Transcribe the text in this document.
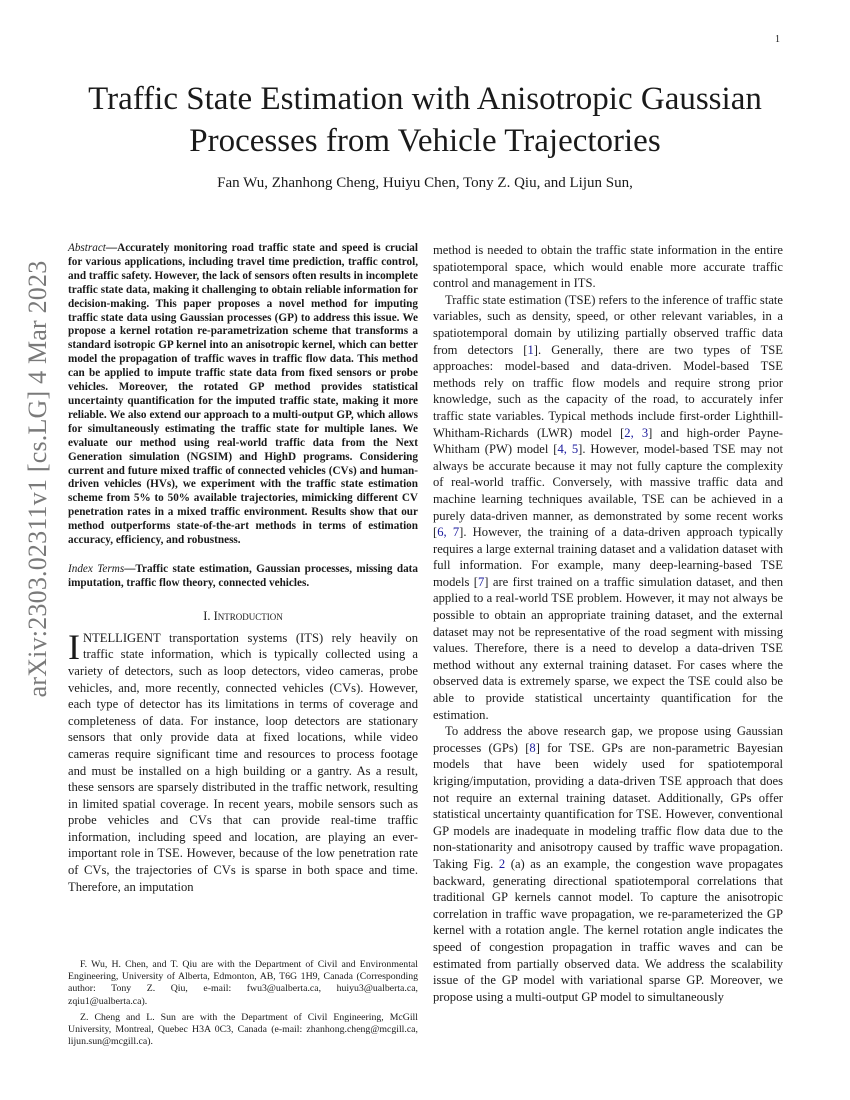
1
arXiv:2303.02311v1 [cs.LG] 4 Mar 2023
Traffic State Estimation with Anisotropic Gaussian Processes from Vehicle Trajectories
Fan Wu, Zhanhong Cheng, Huiyu Chen, Tony Z. Qiu, and Lijun Sun,

Abstract—Accurately monitoring road traffic state and speed is crucial for various applications, including travel time prediction, traffic control, and traffic safety. However, the lack of sensors often results in incomplete traffic state data, making it challenging to obtain reliable information for decision-making. This paper proposes a novel method for imputing traffic state data using Gaussian processes (GP) to address this issue. We propose a kernel rotation re-parametrization scheme that transforms a standard isotropic GP kernel into an anisotropic kernel, which can better model the propagation of traffic waves in traffic flow data. This method can be applied to impute traffic state data from fixed sensors or probe vehicles. Moreover, the rotated GP method provides statistical uncertainty quantification for the imputed traffic state, making it more reliable. We also extend our approach to a multi-output GP, which allows for simultaneously estimating the traffic state for multiple lanes. We evaluate our method using real-world traffic data from the Next Generation simulation (NGSIM) and HighD programs. Considering current and future mixed traffic of connected vehicles (CVs) and human-driven vehicles (HVs), we experiment with the traffic state estimation scheme from 5% to 50% available trajectories, mimicking different CV penetration rates in a mixed traffic environment. Results show that our method outperforms state-of-the-art methods in terms of estimation accuracy, efficiency, and robustness.

Index Terms—Traffic state estimation, Gaussian processes, missing data imputation, traffic flow theory, connected vehicles.

I. Introduction

INTELLIGENT transportation systems (ITS) rely heavily on traffic state information, which is typically collected using a variety of detectors, such as loop detectors, video cameras, probe vehicles, and, more recently, connected vehicles (CVs). However, each type of detector has its limitations in terms of coverage and completeness of data. For instance, loop detectors are stationary sensors that only provide data at fixed locations, while video cameras require significant time and resources to process footage and must be installed on a high building or a gantry. As a result, these sensors are sparsely distributed in the traffic network, resulting in limited spatial coverage. In recent years, mobile sensors such as probe vehicles and CVs that can provide real-time traffic information, including speed and location, are playing an ever-important role in TSE. However, because of the low penetration rate of CVs, the trajectories of CVs is sparse in both space and time. Therefore, an imputation

F. Wu, H. Chen, and T. Qiu are with the Department of Civil and Environmental Engineering, University of Alberta, Edmonton, AB, T6G 1H9, Canada (Corresponding author: Tony Z. Qiu, e-mail: fwu3@ualberta.ca, huiyu3@ualberta.ca, zqiu1@ualberta.ca).

Z. Cheng and L. Sun are with the Department of Civil Engineering, McGill University, Montreal, Quebec H3A 0C3, Canada (e-mail: zhanhong.cheng@mcgill.ca, lijun.sun@mcgill.ca).

method is needed to obtain the traffic state information in the entire spatiotemporal space, which would enable more accurate traffic control and management in ITS.

Traffic state estimation (TSE) refers to the inference of traffic state variables, such as density, speed, or other relevant variables, in a spatiotemporal domain by utilizing partially observed traffic data from detectors [1]. Generally, there are two types of TSE approaches: model-based and data-driven. Model-based TSE methods rely on traffic flow models and require strong prior knowledge, such as the capacity of the road, to accurately infer traffic state variables. Typical methods include first-order Lighthill-Whitham-Richards (LWR) model [2, 3] and high-order Payne-Whitham (PW) model [4, 5]. However, model-based TSE may not always be accurate because it may not fully capture the complexity of real-world traffic. Conversely, with massive traffic data and machine learning techniques available, TSE can be achieved in a purely data-driven manner, as demonstrated by some recent works [6, 7]. However, the training of a data-driven approach typically requires a large external training dataset and a validation dataset with full information. For example, many deep-learning-based TSE models [7] are first trained on a traffic simulation dataset, and then applied to a real-world TSE problem. However, it may not always be possible to obtain an appropriate training dataset, and the external dataset may not be representative of the road segment with missing values. Therefore, there is a need to develop a data-driven TSE method without any external training dataset. For cases where the observed data is extremely sparse, we expect the TSE could also be able to provide statistical uncertainty quantification for the estimation.

To address the above research gap, we propose using Gaussian processes (GPs) [8] for TSE. GPs are non-parametric Bayesian models that have been widely used for spatiotemporal kriging/imputation, providing a data-driven TSE approach that does not require an external training dataset. Additionally, GPs offer statistical uncertainty quantification for TSE. However, conventional GP models are inadequate in modeling traffic flow data due to the non-stationarity and anisotropy caused by traffic wave propagation. Taking Fig. 2 (a) as an example, the congestion wave propagates backward, generating directional spatiotemporal correlations that traditional GP kernels cannot model. To capture the anisotropic correlation in traffic wave propagation, we re-parameterized the GP kernel with a rotation angle. The kernel rotation angle indicates the speed of congestion propagation in traffic waves and can be estimated from partially observed data. We address the scalability issue of the GP model with variational sparse GP. Moreover, we propose using a multi-output GP model to simultaneously
